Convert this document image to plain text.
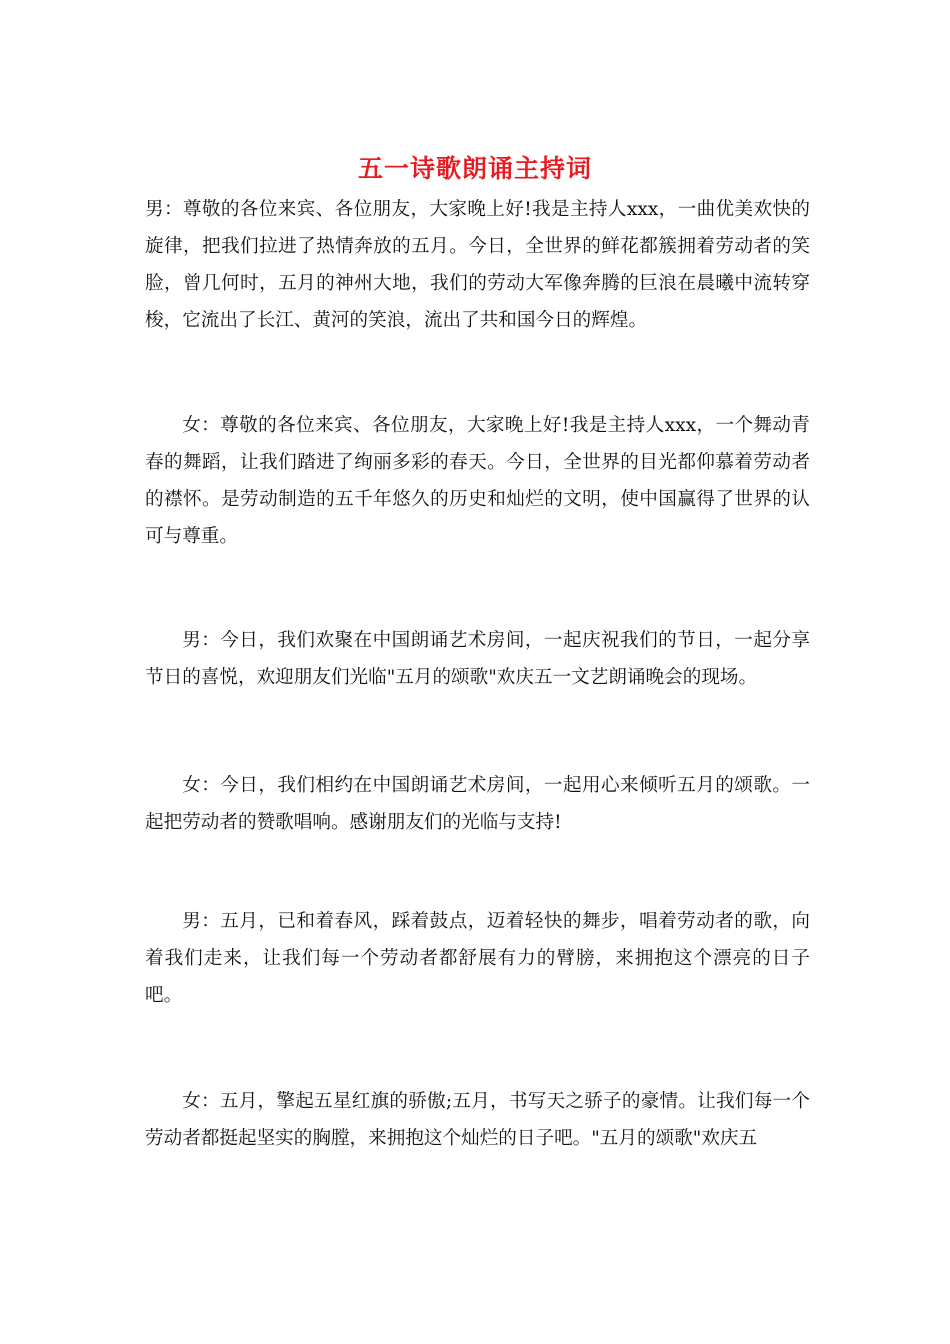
五一诗歌朗诵主持词

男：尊敬的各位来宾、各位朋友，大家晚上好!我是主持人xxx，一曲优美欢快的旋律，把我们拉进了热情奔放的五月。今日，全世界的鲜花都簇拥着劳动者的笑脸，曾几何时，五月的神州大地，我们的劳动大军像奔腾的巨浪在晨曦中流转穿梭，它流出了长江、黄河的笑浪，流出了共和国今日的辉煌。

女：尊敬的各位来宾、各位朋友，大家晚上好!我是主持人xxx，一个舞动青春的舞蹈，让我们踏进了绚丽多彩的春天。今日，全世界的目光都仰慕着劳动者的襟怀。是劳动制造的五千年悠久的历史和灿烂的文明，使中国赢得了世界的认可与尊重。

男：今日，我们欢聚在中国朗诵艺术房间，一起庆祝我们的节日，一起分享节日的喜悦，欢迎朋友们光临"五月的颂歌"欢庆五一文艺朗诵晚会的现场。

女：今日，我们相约在中国朗诵艺术房间，一起用心来倾听五月的颂歌。一起把劳动者的赞歌唱响。感谢朋友们的光临与支持!

男：五月，已和着春风，踩着鼓点，迈着轻快的舞步，唱着劳动者的歌，向着我们走来，让我们每一个劳动者都舒展有力的臂膀，来拥抱这个漂亮的日子吧。

女：五月，擎起五星红旗的骄傲;五月，书写天之骄子的豪情。让我们每一个劳动者都挺起坚实的胸膛，来拥抱这个灿烂的日子吧。"五月的颂歌"欢庆五
